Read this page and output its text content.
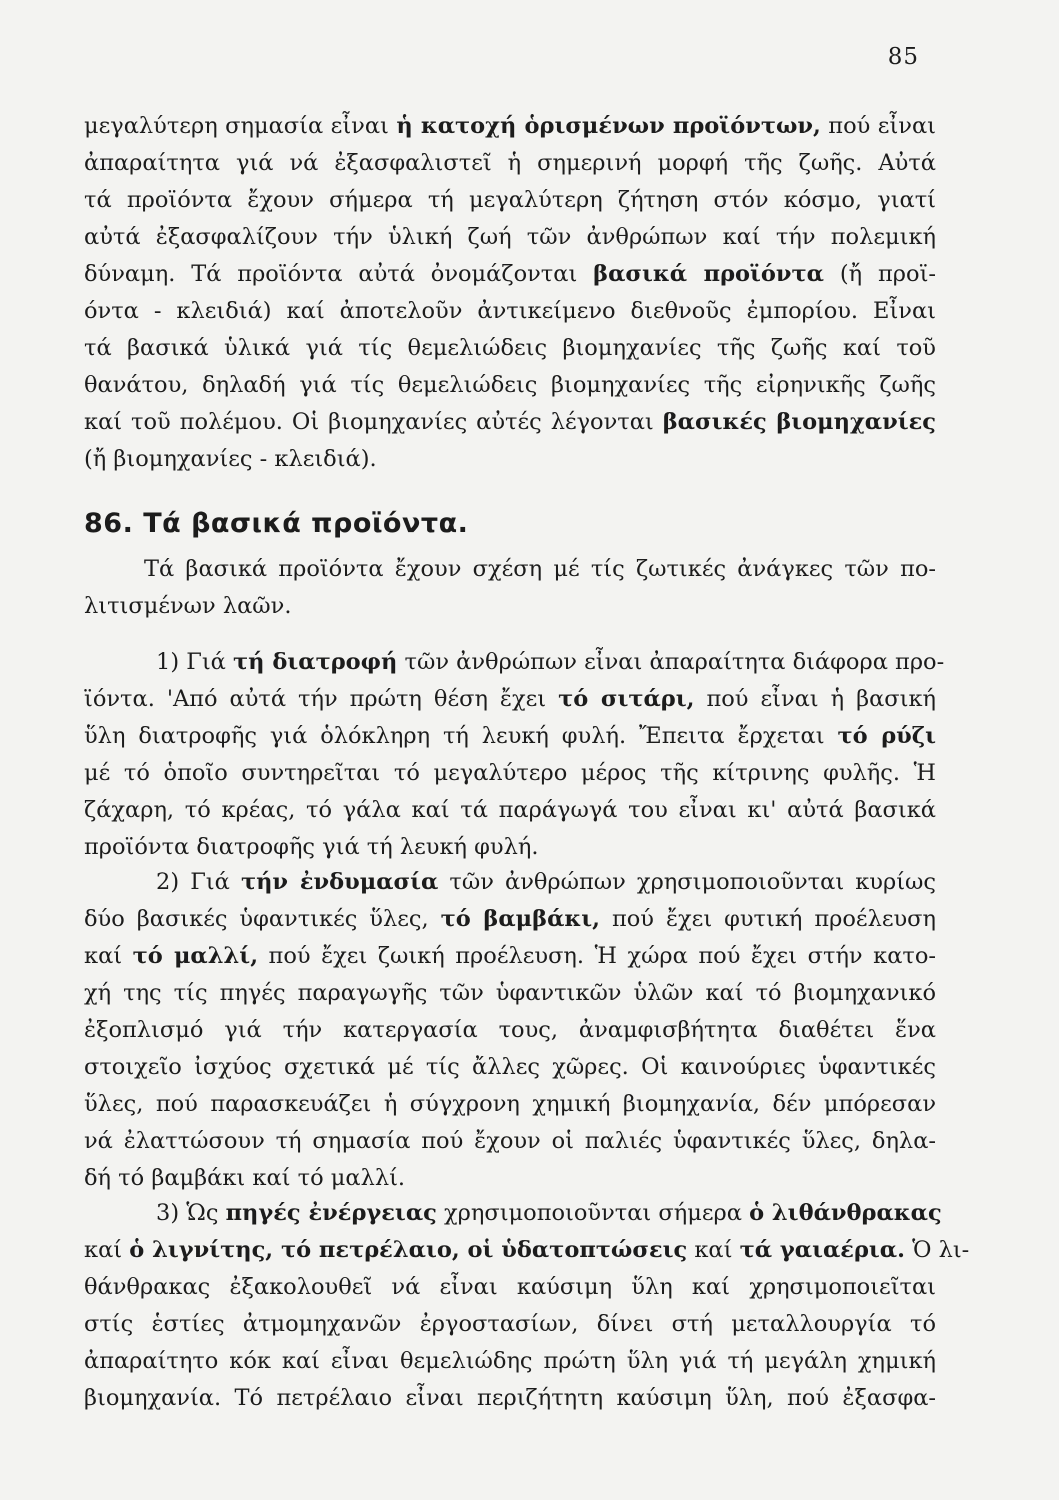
85
μεγαλύτερη σημασία εἶναι ἡ κατοχή ὁρισμένων προϊόντων, πού εἶναι
ἀπαραίτητα γιά νά ἐξασφαλιστεῖ ἡ σημερινή μορφή τῆς ζωῆς. Αὐτά
τά προϊόντα ἔχουν σήμερα τή μεγαλύτερη ζήτηση στόν κόσμο, γιατί
αὐτά ἐξασφαλίζουν τήν ὑλική ζωή τῶν ἀνθρώπων καί τήν πολεμική
δύναμη. Τά προϊόντα αὐτά ὀνομάζονται βασικά προϊόντα (ἤ προϊ-
όντα - κλειδιά) καί ἀποτελοῦν ἀντικείμενο διεθνοῦς ἐμπορίου. Εἶναι
τά βασικά ὑλικά γιά τίς θεμελιώδεις βιομηχανίες τῆς ζωῆς καί τοῦ
θανάτου, δηλαδή γιά τίς θεμελιώδεις βιομηχανίες τῆς εἰρηνικῆς ζωῆς
καί τοῦ πολέμου. Οἱ βιομηχανίες αὐτές λέγονται βασικές βιομηχανίες
(ἤ βιομηχανίες - κλειδιά).
86. Τά βασικά προϊόντα.
Τά βασικά προϊόντα ἔχουν σχέση μέ τίς ζωτικές ἀνάγκες τῶν πο-
λιτισμένων λαῶν.
1) Γιά τή διατροφή τῶν ἀνθρώπων εἶναι ἀπαραίτητα διάφορα προ-
ϊόντα. 'Από αὐτά τήν πρώτη θέση ἔχει τό σιτάρι, πού εἶναι ἡ βασική
ὕλη διατροφῆς γιά ὁλόκληρη τή λευκή φυλή. Ἔπειτα ἔρχεται τό ρύζι
μέ τό ὁποῖο συντηρεῖται τό μεγαλύτερο μέρος τῆς κίτρινης φυλῆς. Ἡ
ζάχαρη, τό κρέας, τό γάλα καί τά παράγωγά του εἶναι κι' αὐτά βασικά
προϊόντα διατροφῆς γιά τή λευκή φυλή.
2) Γιά τήν ἐνδυμασία τῶν ἀνθρώπων χρησιμοποιοῦνται κυρίως
δύο βασικές ὑφαντικές ὕλες, τό βαμβάκι, πού ἔχει φυτική προέλευση
καί τό μαλλί, πού ἔχει ζωική προέλευση. Ἡ χώρα πού ἔχει στήν κατο-
χή της τίς πηγές παραγωγῆς τῶν ὑφαντικῶν ὑλῶν καί τό βιομηχανικό
ἐξοπλισμό γιά τήν κατεργασία τους, ἀναμφισβήτητα διαθέτει ἕνα
στοιχεῖο ἰσχύος σχετικά μέ τίς ἄλλες χῶρες. Οἱ καινούριες ὑφαντικές
ὕλες, πού παρασκευάζει ἡ σύγχρονη χημική βιομηχανία, δέν μπόρεσαν
νά ἐλαττώσουν τή σημασία πού ἔχουν οἱ παλιές ὑφαντικές ὕλες, δηλα-
δή τό βαμβάκι καί τό μαλλί.
3) Ὡς πηγές ἐνέργειας χρησιμοποιοῦνται σήμερα ὁ λιθάνθρακας
καί ὁ λιγνίτης, τό πετρέλαιο, οἱ ὑδατοπτώσεις καί τά γαιαέρια. Ὁ λι-
θάνθρακας ἐξακολουθεῖ νά εἶναι καύσιμη ὕλη καί χρησιμοποιεῖται
στίς ἑστίες ἀτμομηχανῶν ἐργοστασίων, δίνει στή μεταλλουργία τό
ἀπαραίτητο κόκ καί εἶναι θεμελιώδης πρώτη ὕλη γιά τή μεγάλη χημική
βιομηχανία. Τό πετρέλαιο εἶναι περιζήτητη καύσιμη ὕλη, πού ἐξασφα-
